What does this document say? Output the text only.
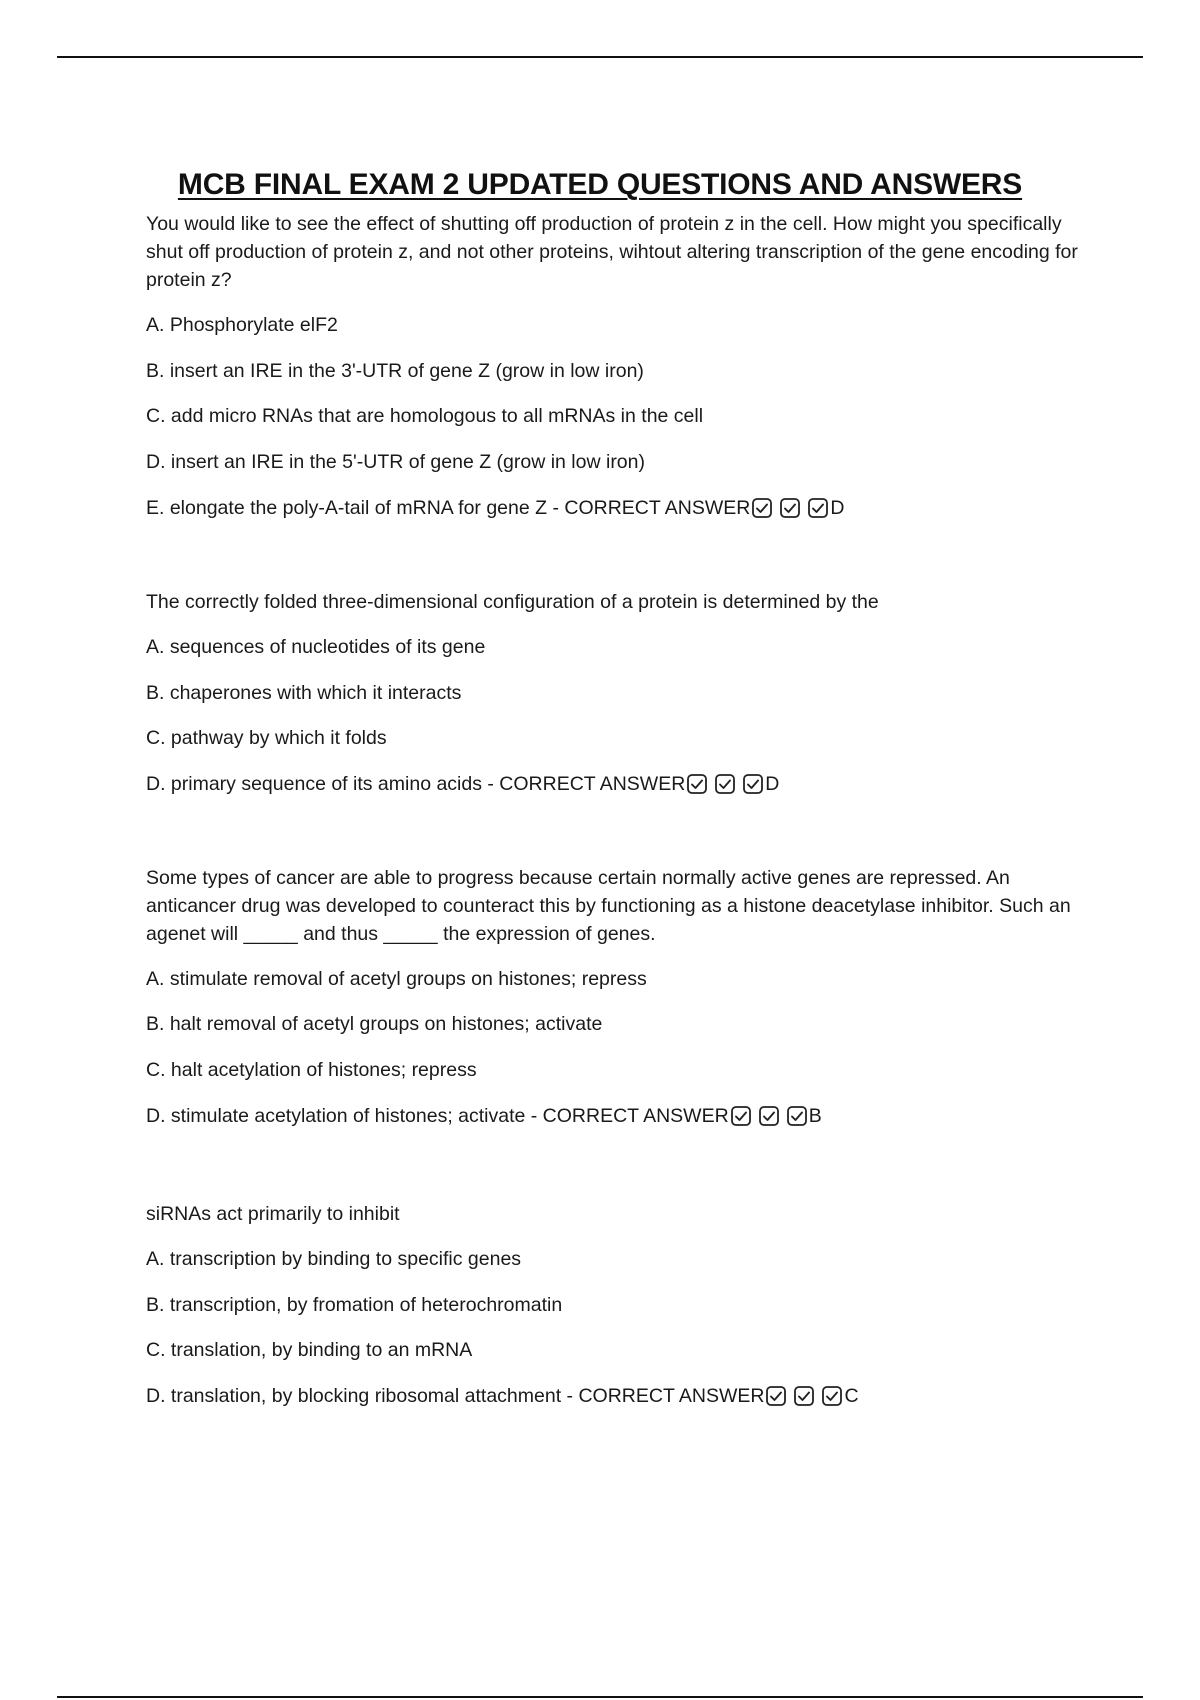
MCB FINAL EXAM 2 UPDATED QUESTIONS AND ANSWERS

You would like to see the effect of shutting off production of protein z in the cell. How might you specifically shut off production of protein z, and not other proteins, wihtout altering transcription of the gene encoding for protein z?

A. Phosphorylate elF2

B. insert an IRE in the 3'-UTR of gene Z (grow in low iron)

C. add micro RNAs that are homologous to all mRNAs in the cell

D. insert an IRE in the 5'-UTR of gene Z (grow in low iron)

E. elongate the poly-A-tail of mRNA for gene Z - CORRECT ANSWER	D

The correctly folded three-dimensional configuration of a protein is determined by the

A. sequences of nucleotides of its gene

B. chaperones with which it interacts

C. pathway by which it folds

D. primary sequence of its amino acids - CORRECT ANSWER	D

Some types of cancer are able to progress because certain normally active genes are repressed. An anticancer drug was developed to counteract this by functioning as a histone deacetylase inhibitor. Such an agenet will _____ and thus _____ the expression of genes.

A. stimulate removal of acetyl groups on histones; repress

B. halt removal of acetyl groups on histones; activate

C. halt acetylation of histones; repress

D. stimulate acetylation of histones; activate - CORRECT ANSWER	B

siRNAs act primarily to inhibit

A. transcription by binding to specific genes

B. transcription, by fromation of heterochromatin

C. translation, by binding to an mRNA

D. translation, by blocking ribosomal attachment - CORRECT ANSWER	C
